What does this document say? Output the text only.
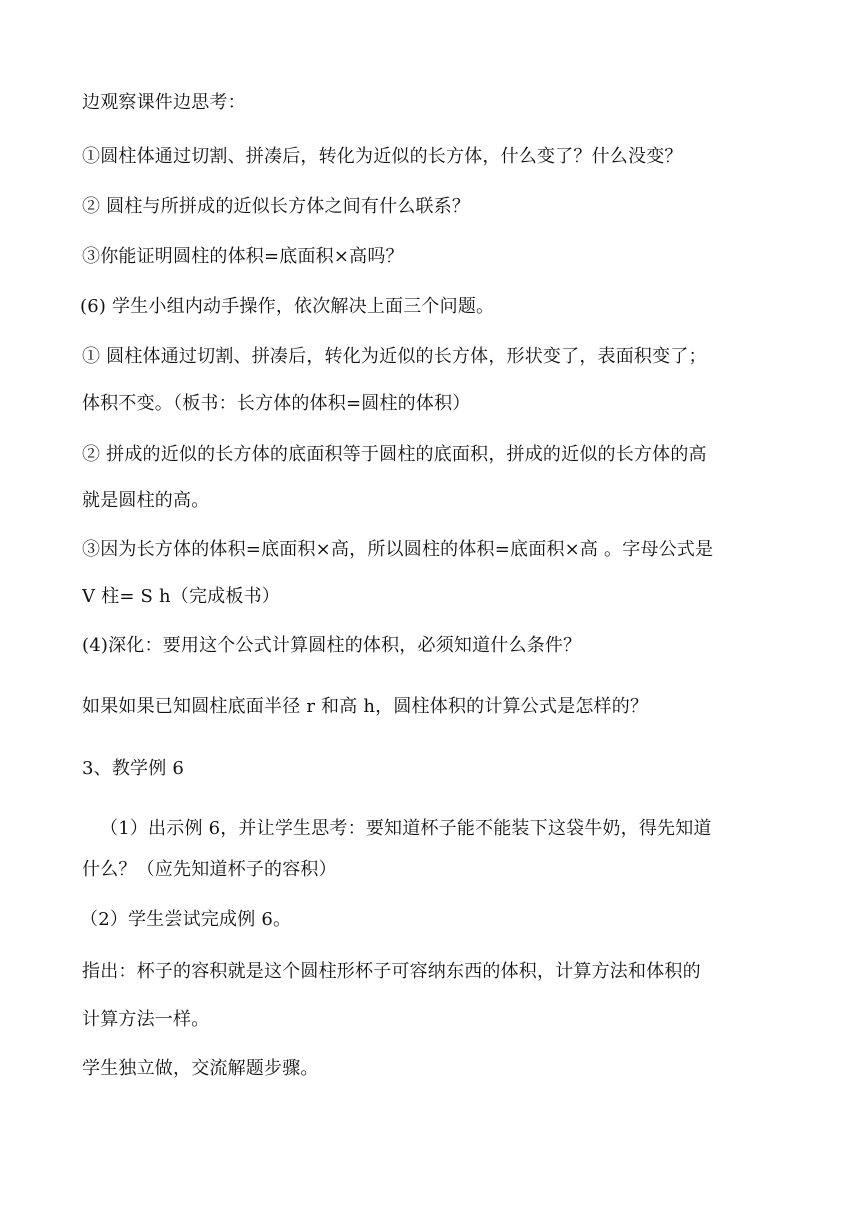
边观察课件边思考：
①圆柱体通过切割、拼凑后，转化为近似的长方体，什么变了？什么没变？
② 圆柱与所拼成的近似长方体之间有什么联系？
③你能证明圆柱的体积=底面积×高吗？
(6) 学生小组内动手操作，依次解决上面三个问题。
① 圆柱体通过切割、拼凑后，转化为近似的长方体，形状变了，表面积变了；
体积不变。（板书：长方体的体积=圆柱的体积）
② 拼成的近似的长方体的底面积等于圆柱的底面积，拼成的近似的长方体的高
就是圆柱的高。
③因为长方体的体积=底面积×高，所以圆柱的体积=底面积×高 。字母公式是
V 柱= S h（完成板书）
(4)深化：要用这个公式计算圆柱的体积，必须知道什么条件？
如果如果已知圆柱底面半径 r 和高 h，圆柱体积的计算公式是怎样的？
3、教学例 6
（1）出示例 6，并让学生思考：要知道杯子能不能装下这袋牛奶，得先知道
什么？（应先知道杯子的容积）
（2）学生尝试完成例 6。
指出：杯子的容积就是这个圆柱形杯子可容纳东西的体积，计算方法和体积的
计算方法一样。
学生独立做，交流解题步骤。
